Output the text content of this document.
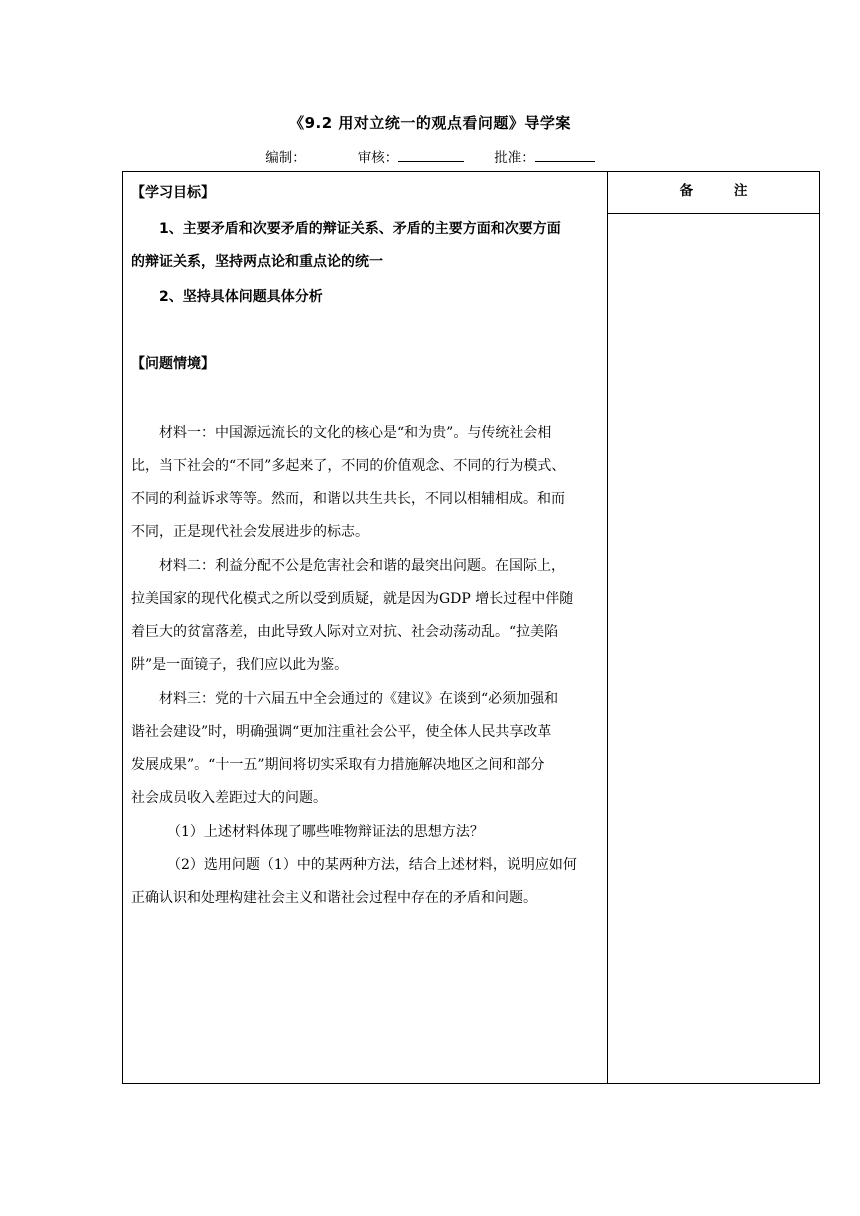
《9.2 用对立统一的观点看问题》导学案
编制：	审核：	批准：
【学习目标】
1、主要矛盾和次要矛盾的辩证关系、矛盾的主要方面和次要方面
的辩证关系，坚持两点论和重点论的统一
2、坚持具体问题具体分析
【问题情境】
材料一：中国源远流长的文化的核心是“和为贵”。与传统社会相
比，当下社会的“不同”多起来了，不同的价值观念、不同的行为模式、
不同的利益诉求等等。然而，和谐以共生共长，不同以相辅相成。和而
不同，正是现代社会发展进步的标志。
材料二：利益分配不公是危害社会和谐的最突出问题。在国际上，
拉美国家的现代化模式之所以受到质疑，就是因为GDP 增长过程中伴随
着巨大的贫富落差，由此导致人际对立对抗、社会动荡动乱。“拉美陷
阱”是一面镜子，我们应以此为鉴。
材料三：党的十六届五中全会通过的《建议》在谈到“必须加强和
谐社会建设”时，明确强调“更加注重社会公平，使全体人民共享改革
发展成果”。“十一五”期间将切实采取有力措施解决地区之间和部分
社会成员收入差距过大的问题。
（1）上述材料体现了哪些唯物辩证法的思想方法？
（2）选用问题（1）中的某两种方法，结合上述材料，说明应如何
正确认识和处理构建社会主义和谐社会过程中存在的矛盾和问题。
备 注
